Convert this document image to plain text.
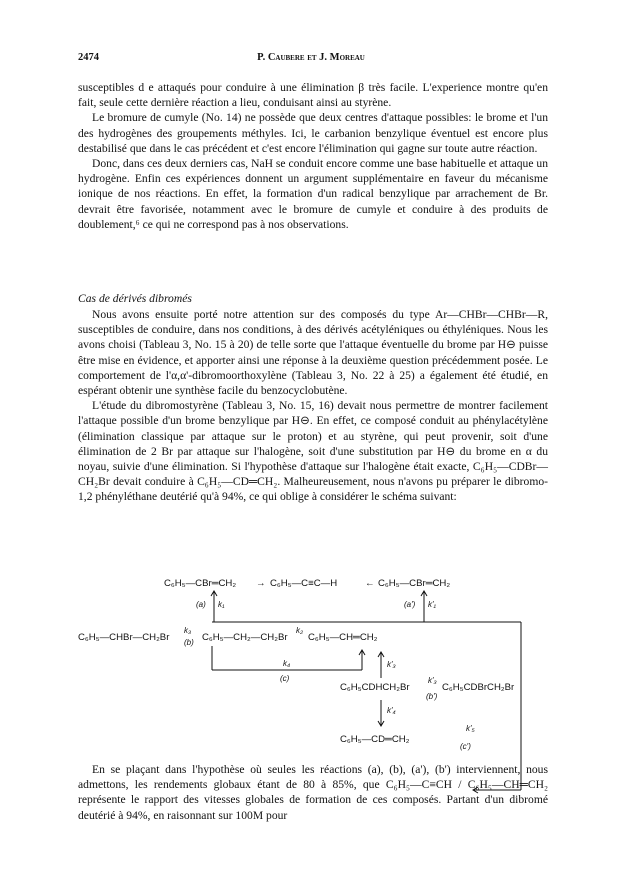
2474	P. Caubere et J. Moreau

susceptibles d e attaqués pour conduire à une élimination β très facile. L'experience montre qu'en fait, seule cette dernière réaction a lieu, conduisant ainsi au styrène.

Le bromure de cumyle (No. 14) ne possède que deux centres d'attaque possibles: le brome et l'un des hydrogènes des groupements méthyles. Ici, le carbanion benzylique éventuel est encore plus destabilisé que dans le cas précédent et c'est encore l'élimination qui gagne sur toute autre réaction.

Donc, dans ces deux derniers cas, NaH se conduit encore comme une base habituelle et attaque un hydrogène. Enfin ces expériences donnent un argument supplémentaire en faveur du mécanisme ionique de nos réactions. En effet, la formation d'un radical benzylique par arrachement de Br. devrait être favorisée, notamment avec le bromure de cumyle et conduire à des produits de doublement,⁶ ce qui ne correspond pas à nos observations.

Cas de dérivés dibromés

Nous avons ensuite porté notre attention sur des composés du type Ar—CHBr—CHBr—R, susceptibles de conduire, dans nos conditions, à des dérivés acétyléniques ou éthyléniques. Nous les avons choisi (Tableau 3, No. 15 à 20) de telle sorte que l'attaque éventuelle du brome par H⊖ puisse être mise en évidence, et apporter ainsi une réponse à la deuxième question précédemment posée. Le comportement de l'α,α'-dibromoorthoxylène (Tableau 3, No. 22 à 25) a également été étudié, en espérant obtenir une synthèse facile du benzocyclobutène.

L'étude du dibromostyrène (Tableau 3, No. 15, 16) devait nous permettre de montrer facilement l'attaque possible d'un brome benzylique par H⊖. En effet, ce composé conduit au phénylacétylène (élimination classique par attaque sur le proton) et au styrène, qui peut provenir, soit d'une élimination de 2 Br par attaque sur l'halogène, soit d'une substitution par H⊖ du brome en α du noyau, suivie d'une élimination. Si l'hypothèse d'attaque sur l'halogène était exacte, C₆H₅—CDBr—CH₂Br devait conduire à C₆H₅—CD═CH₂. Malheureusement, nous n'avons pu préparer le dibromo-1,2 phényléthane deutérié qu'à 94%, ce qui oblige à considérer le schéma suivant:

C₆H₅—CBr═CH₂ → C₆H₅—C≡C—H	← C₆H₅—CBr═CH₂
(a) k₁	(a') k'₁
C₆H₅—CHBr—CH₂Br
k₃
(b) C₆H₅—CH₂—CH₂Br
k₂
C₆H₅—CH═CH₂
k₄
(c)
k'₃
C₆H₅CDHCH₂Br
k'₃
(b')
C₆H₅CDBrCH₂Br
k'₄
C₆H₅—CD═CH₂
k'₅
(c')

En se plaçant dans l'hypothèse où seules les réactions (a), (b), (a'), (b') interviennent, nous admettons, les rendements globaux étant de 80 à 85%, que C₆H₅—C≡CH / C₆H₅—CH═CH₂ représente le rapport des vitesses globales de formation de ces composés. Partant d'un dibromé deutérié à 94%, en raisonnant sur 100M pour
